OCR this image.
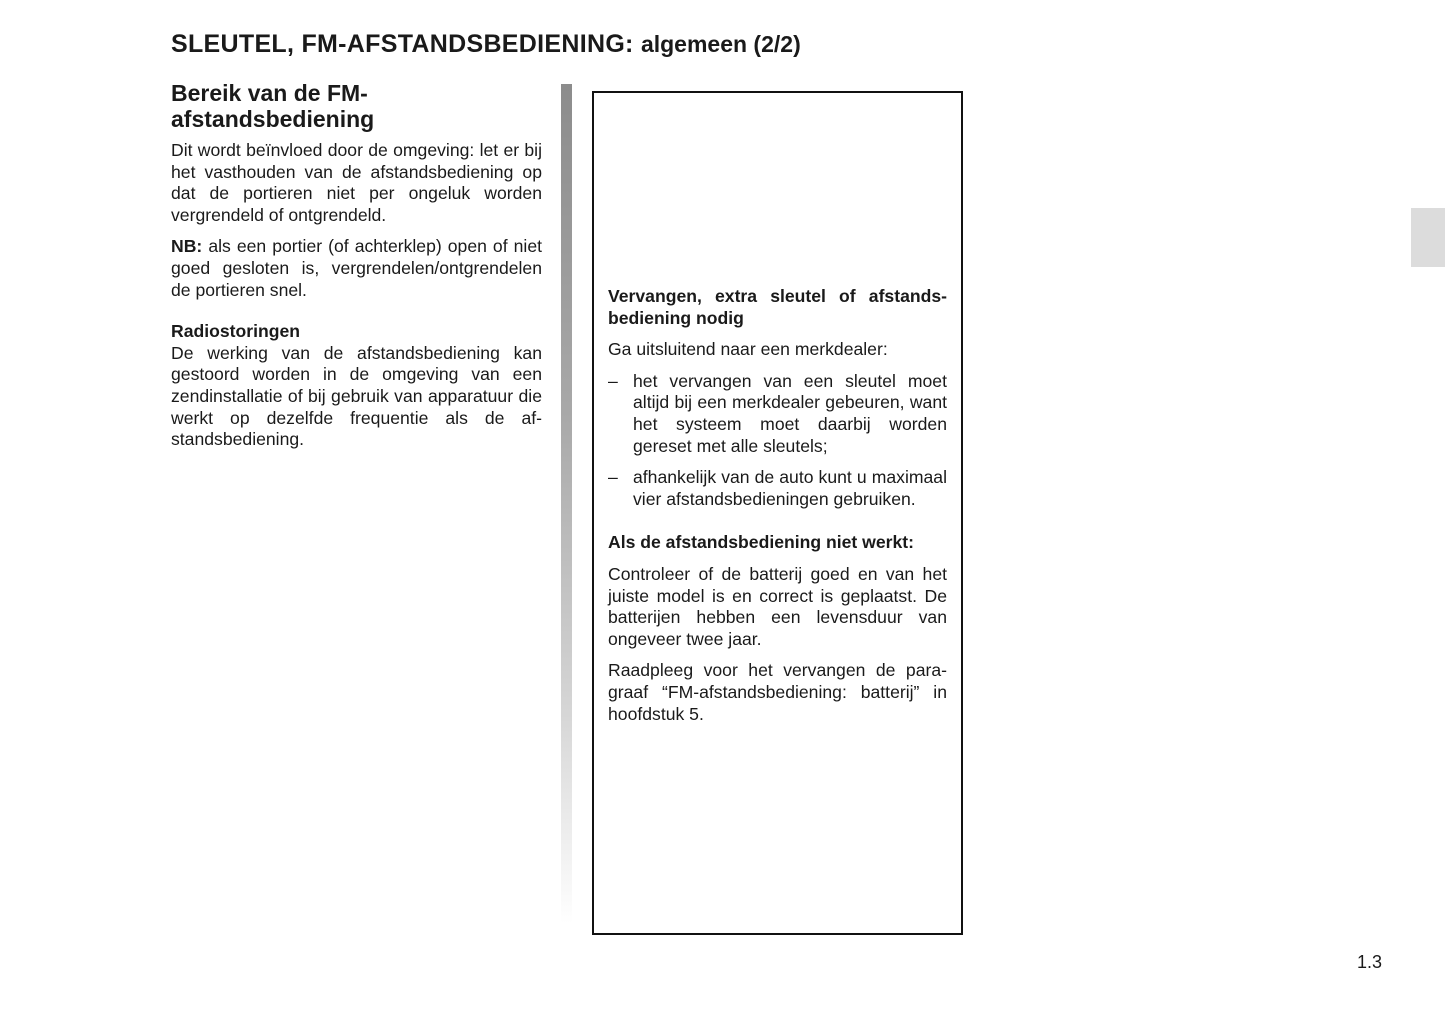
SLEUTEL, FM-AFSTANDSBEDIENING: algemeen (2/2)
Bereik van de FM-
afstandsbediening

Dit wordt beïnvloed door de omgeving: let er bij het vasthouden van de afstandsbediening op dat de portieren niet per ongeluk worden vergrendeld of ontgrendeld.

NB: als een portier (of achterklep) open of niet goed gesloten is, vergrendelen/ontgrendelen de portieren snel.

Radiostoringen
De werking van de afstandsbediening kan gestoord worden in de omgeving van een zendinstallatie of bij gebruik van apparatuur die werkt op dezelfde frequentie als de afstandsbediening.

Vervangen, extra sleutel of afstandsbediening nodig

Ga uitsluitend naar een merkdealer:

– het vervangen van een sleutel moet altijd bij een merkdealer gebeuren, want het systeem moet daarbij worden gereset met alle sleutels;
– afhankelijk van de auto kunt u maximaal vier afstandsbedieningen gebruiken.

Als de afstandsbediening niet werkt:

Controleer of de batterij goed en van het juiste model is en correct is geplaatst. De batterijen hebben een levensduur van ongeveer twee jaar.

Raadpleeg voor het vervangen de paragraaf “FM-afstandsbediening: batterij” in hoofdstuk 5.

1.3
